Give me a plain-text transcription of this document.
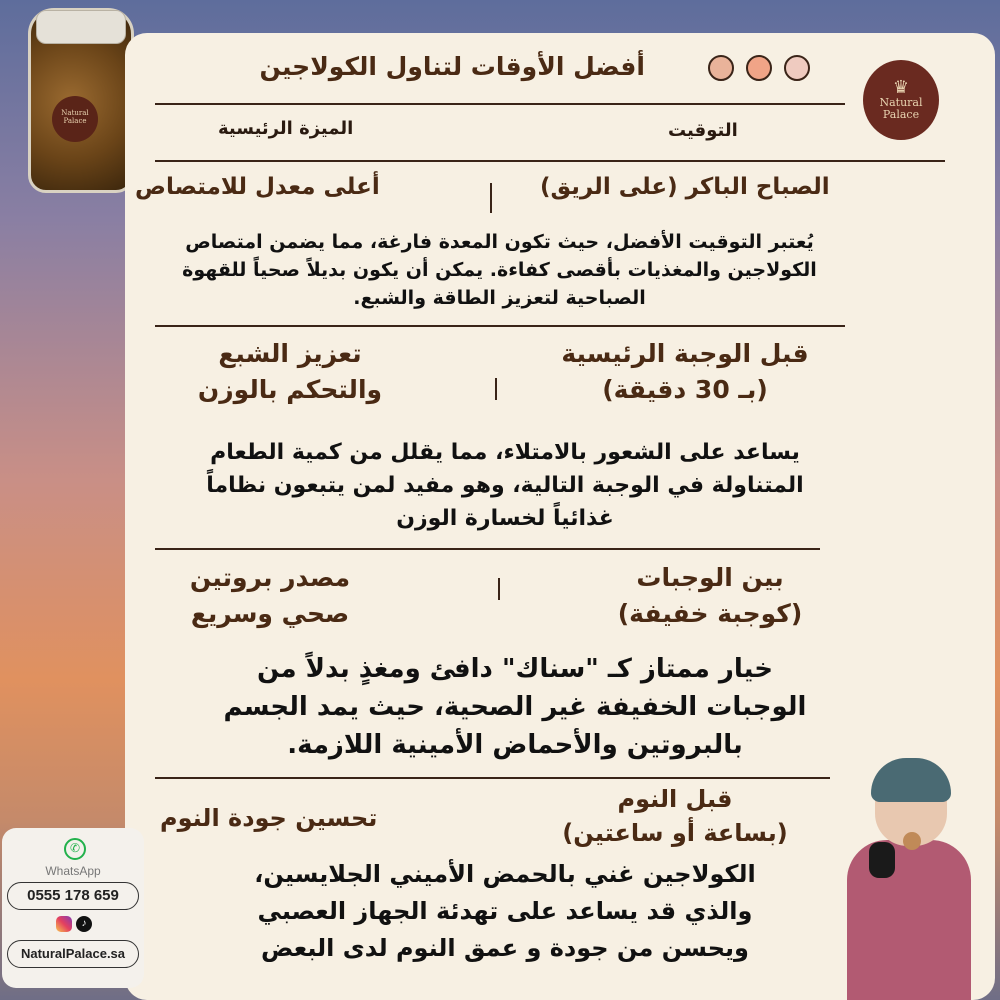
Natural
Palace
أفضل الأوقات لتناول الكولاجين
♛
Natural
Palace
التوقيت
الميزة الرئيسية
الصباح الباكر (على الريق)
أعلى معدل للامتصاص
يُعتبر التوقيت الأفضل، حيث تكون المعدة فارغة، مما يضمن امتصاص
الكولاجين والمغذيات بأقصى كفاءة. يمكن أن يكون بديلاً صحياً للقهوة
الصباحية لتعزيز الطاقة والشبع.
قبل الوجبة الرئيسية
(بـ 30 دقيقة)
تعزيز الشبع
والتحكم بالوزن
يساعد على الشعور بالامتلاء، مما يقلل من كمية الطعام
المتناولة في الوجبة التالية، وهو مفيد لمن يتبعون نظاماً
غذائياً لخسارة الوزن
بين الوجبات
(كوجبة خفيفة)
مصدر بروتين
صحي وسريع
خيار ممتاز كـ "سناك" دافئ ومغذٍ بدلاً من
الوجبات الخفيفة غير الصحية، حيث يمد الجسم
بالبروتين والأحماض الأمينية اللازمة.
قبل النوم
(بساعة أو ساعتين)
تحسين جودة النوم
الكولاجين غني بالحمض الأميني الجلايسين،
والذي قد يساعد على تهدئة الجهاز العصبي
ويحسن من جودة و عمق النوم لدى البعض
✆
WhatsApp
0555 178 659
♪
NaturalPalace.sa
